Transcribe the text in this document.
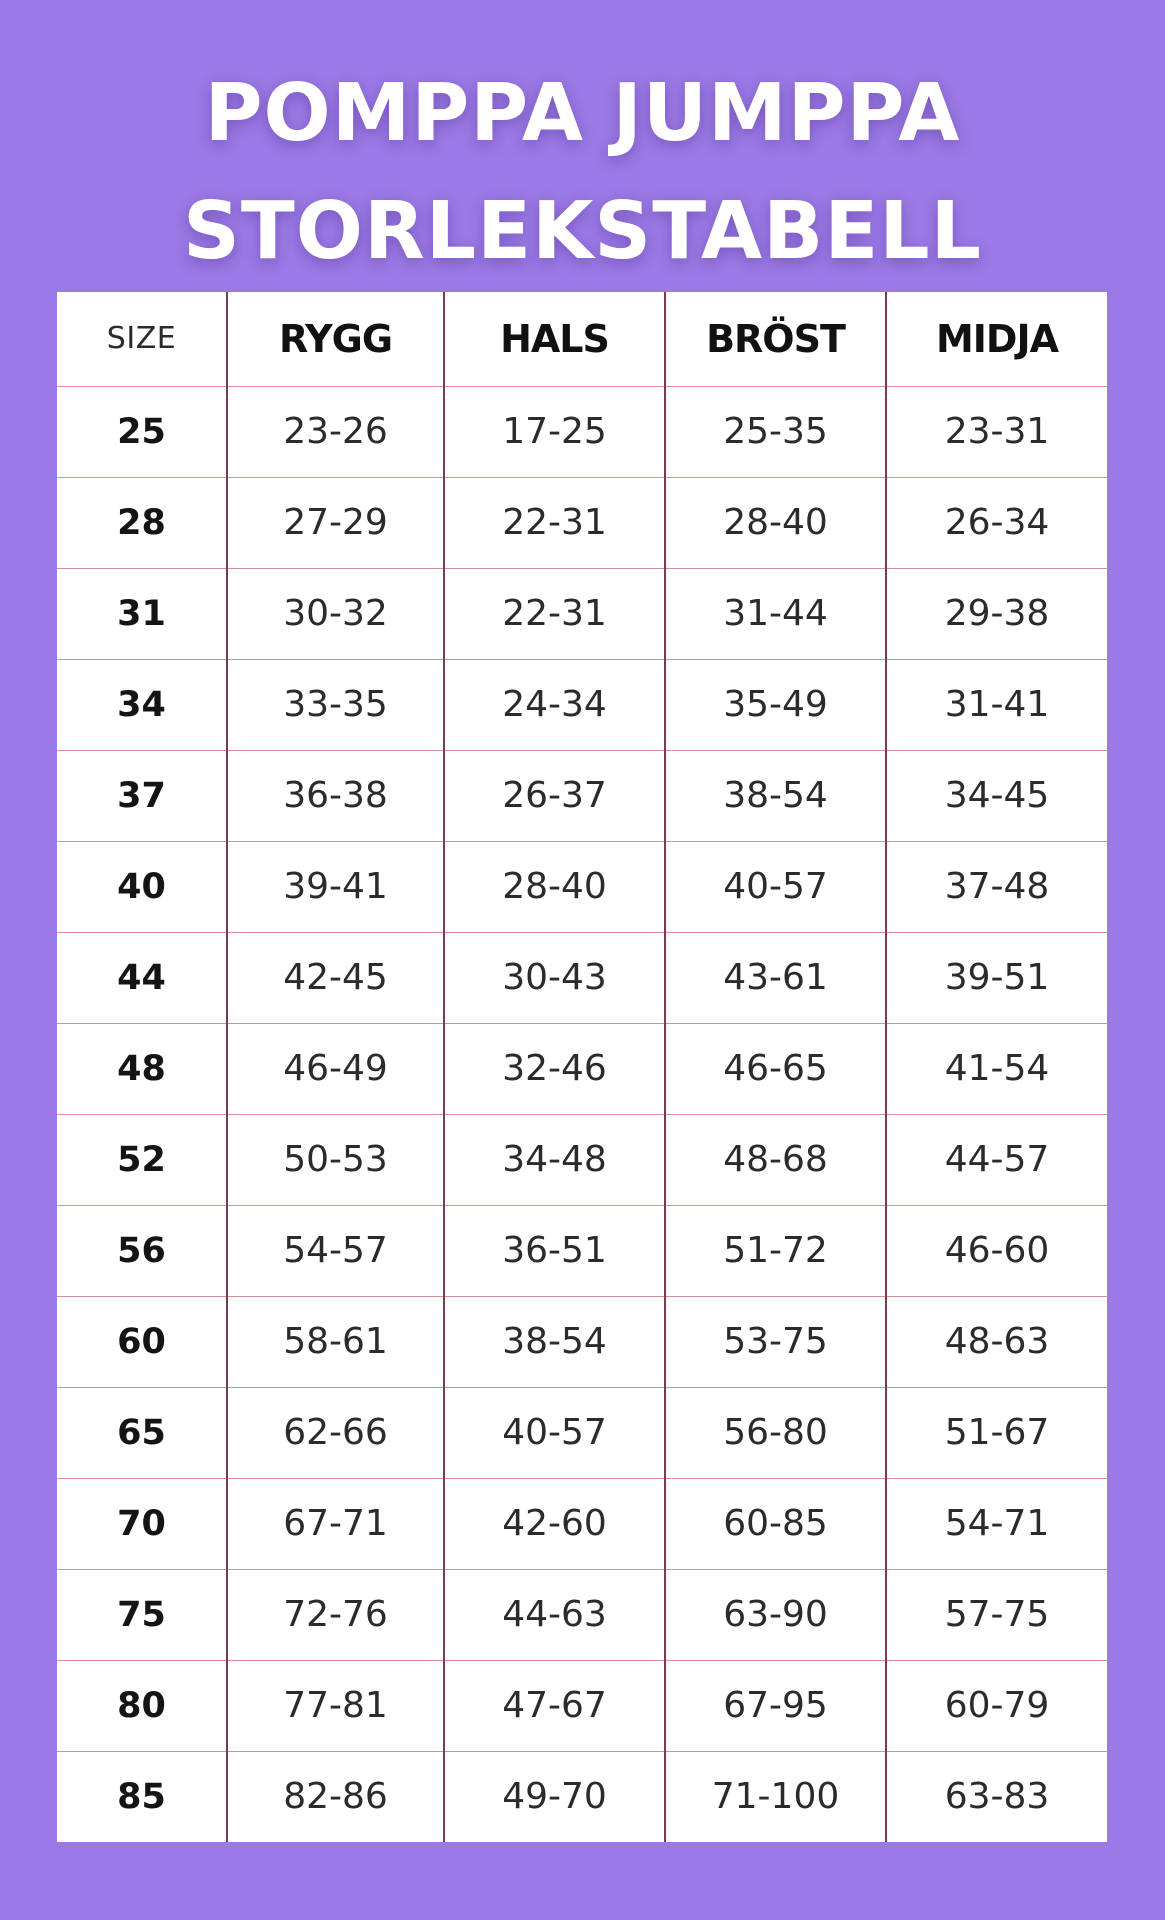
POMPPA JUMPPA
STORLEKSTABELL
SIZE	RYGG	HALS	BRÖST	MIDJA
25	23-26	17-25	25-35	23-31
28	27-29	22-31	28-40	26-34
31	30-32	22-31	31-44	29-38
34	33-35	24-34	35-49	31-41
37	36-38	26-37	38-54	34-45
40	39-41	28-40	40-57	37-48
44	42-45	30-43	43-61	39-51
48	46-49	32-46	46-65	41-54
52	50-53	34-48	48-68	44-57
56	54-57	36-51	51-72	46-60
60	58-61	38-54	53-75	48-63
65	62-66	40-57	56-80	51-67
70	67-71	42-60	60-85	54-71
75	72-76	44-63	63-90	57-75
80	77-81	47-67	67-95	60-79
85	82-86	49-70	71-100	63-83
